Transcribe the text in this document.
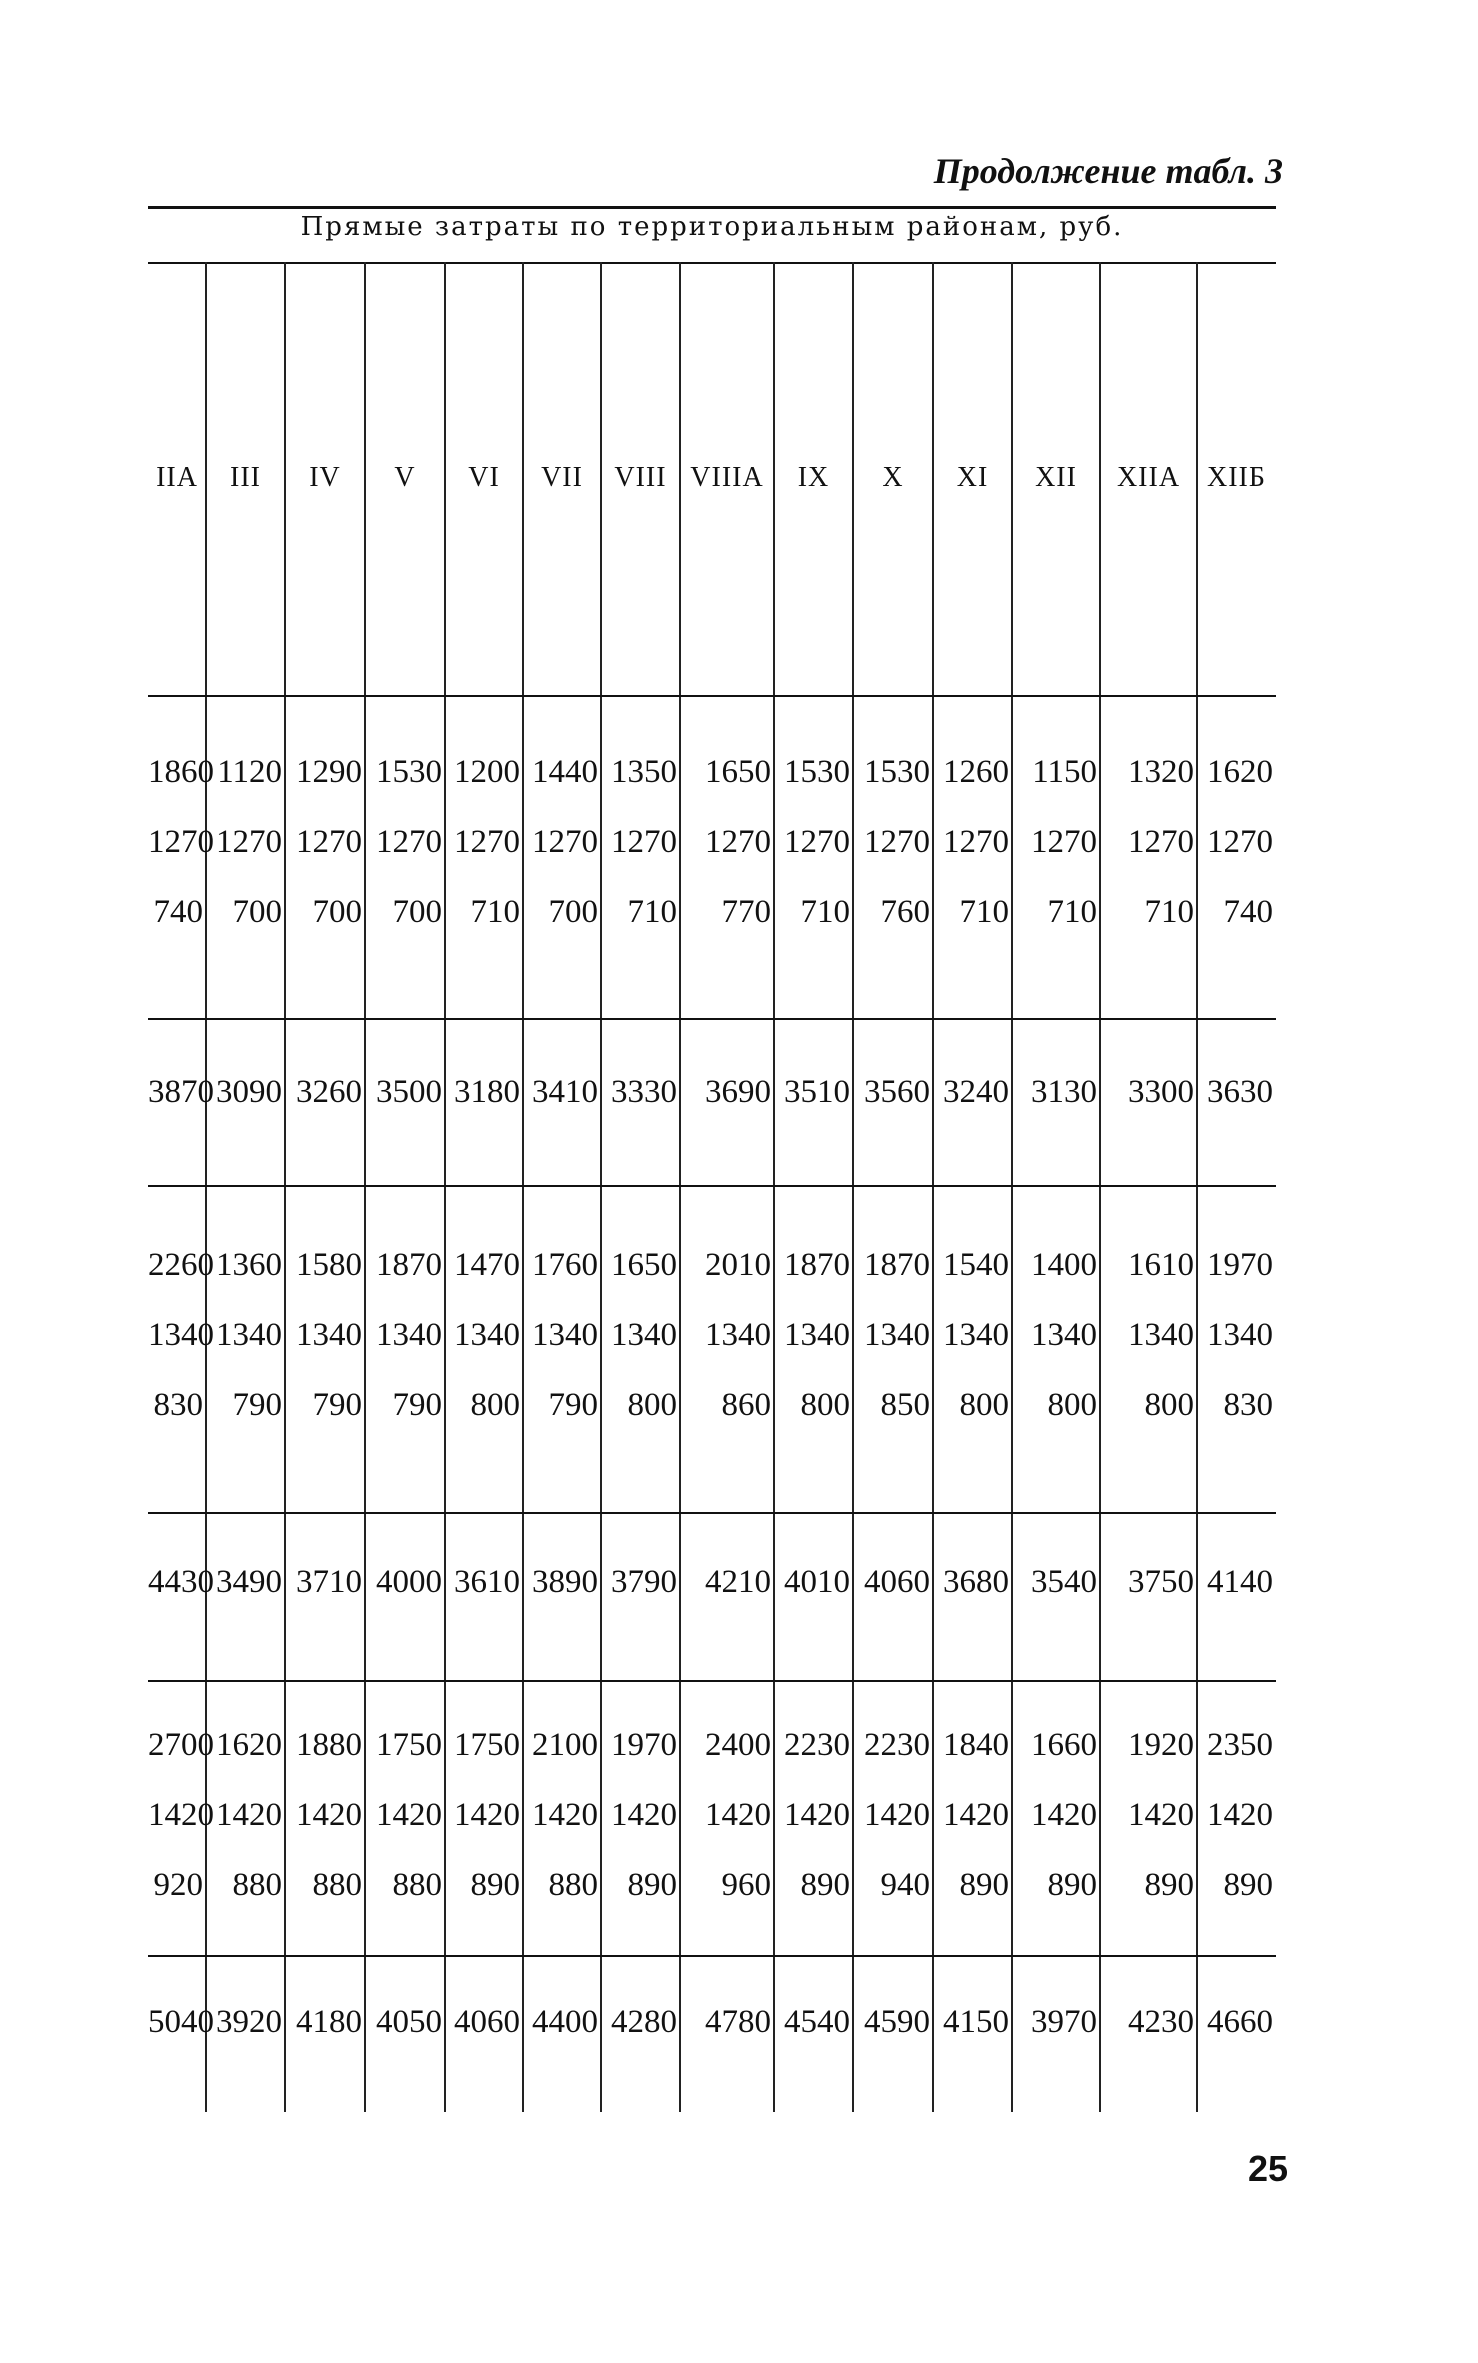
Продолжение табл. 3
Прямые затраты по территориальным районам, руб.
IIА	III	IV	V	VI	VII	VIII VIIIА	IX	X	XI	XII	XIIА XIIБ
1860 1120 1290 1530 1200 1440 1350 1650 1530 1530 1260 1150 1320 1620
1270 1270 1270 1270 1270 1270 1270 1270 1270 1270 1270 1270 1270 1270
740 700 700 700 710 700 710	770 710 760 710	710	710 740
3870 3090 3260 3500 3180 3410 3330 3690 3510 3560 3240 3130 3300 3630
2260 1360 1580 1870 1470 1760 1650 2010 1870 1870 1540 1400 1610 1970
1340 1340 1340 1340 1340 1340 1340 1340 1340 1340 1340 1340 1340 1340
830 790 790 790 800 790 800	860 800 850 800	800	800 830
4430 3490 3710 4000 3610 3890 3790 4210 4010 4060 3680 3540 3750 4140
2700 1620 1880 1750 1750 2100 1970 2400 2230 2230 1840 1660 1920 2350
1420 1420 1420 1420 1420 1420 1420 1420 1420 1420 1420 1420 1420 1420
920 880 880 880 890 880 890	960 890 940 890	890	890 890
5040 3920 4180 4050 4060 4400 4280 4780 4540 4590 4150 3970 4230 4660
25
